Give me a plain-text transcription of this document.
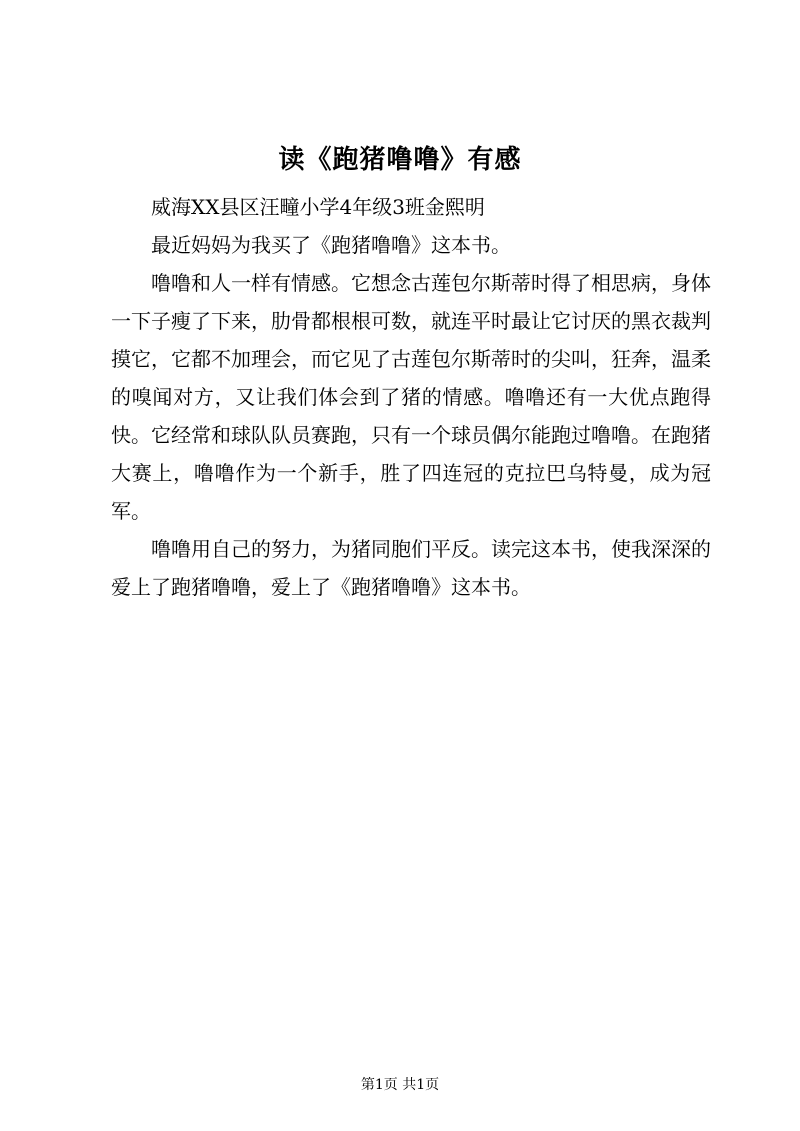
读《跑猪噜噜》有感

威海XX县区汪疃小学4年级3班金熙明

最近妈妈为我买了《跑猪噜噜》这本书。

噜噜和人一样有情感。它想念古莲包尔斯蒂时得了相思病，身体一下子瘦了下来，肋骨都根根可数，就连平时最让它讨厌的黑衣裁判摸它，它都不加理会，而它见了古莲包尔斯蒂时的尖叫，狂奔，温柔的嗅闻对方，又让我们体会到了猪的情感。噜噜还有一大优点跑得快。它经常和球队队员赛跑，只有一个球员偶尔能跑过噜噜。在跑猪大赛上，噜噜作为一个新手，胜了四连冠的克拉巴乌特曼，成为冠军。

噜噜用自己的努力，为猪同胞们平反。读完这本书，使我深深的爱上了跑猪噜噜，爱上了《跑猪噜噜》这本书。

第1页 共1页
